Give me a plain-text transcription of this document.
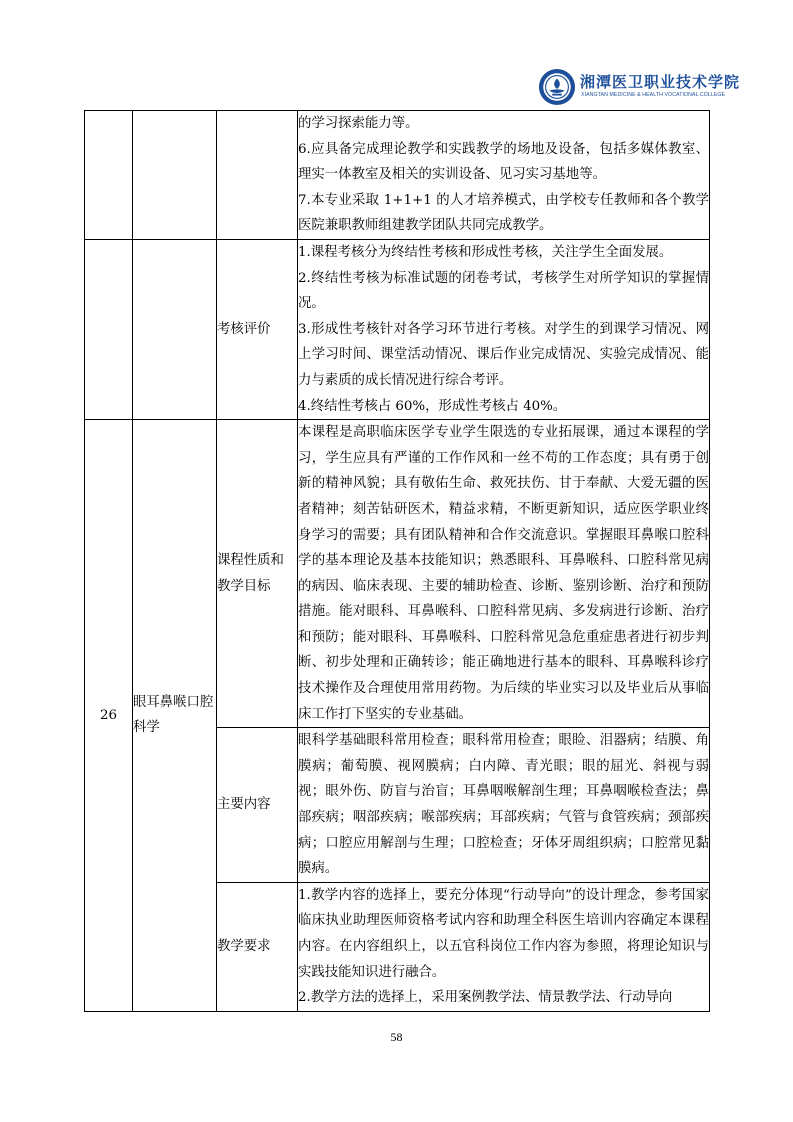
湘潭医卫职业技术学院
XIANGTAN MEDICINE & HEALTH VOCATIONAL COLLEGE

			的学习探索能力等。

6.应具备完成理论教学和实践教学的场地及设备，包括多媒体教室、理实一体教室及相关的实训设备、见习实习基地等。

7.本专业采取 1+1+1 的人才培养模式，由学校专任教师和各个教学医院兼职教师组建教学团队共同完成教学。

		考核评价	1.课程考核分为终结性考核和形成性考核，关注学生全面发展。

2.终结性考核为标准试题的闭卷考试，考核学生对所学知识的掌握情况。

3.形成性考核针对各学习环节进行考核。对学生的到课学习情况、网上学习时间、课堂活动情况、课后作业完成情况、实验完成情况、能力与素质的成长情况进行综合考评。

4.终结性考核占 60%，形成性考核占 40%。

26	眼耳鼻喉口腔科学	课程性质和教学目标	本课程是高职临床医学专业学生限选的专业拓展课，通过本课程的学习，学生应具有严谨的工作作风和一丝不苟的工作态度；具有勇于创新的精神风貌；具有敬佑生命、救死扶伤、甘于奉献、大爱无疆的医者精神；刻苦钻研医术，精益求精，不断更新知识，适应医学职业终身学习的需要；具有团队精神和合作交流意识。掌握眼耳鼻喉口腔科学的基本理论及基本技能知识；熟悉眼科、耳鼻喉科、口腔科常见病的病因、临床表现、主要的辅助检查、诊断、鉴别诊断、治疗和预防措施。能对眼科、耳鼻喉科、口腔科常见病、多发病进行诊断、治疗和预防；能对眼科、耳鼻喉科、口腔科常见急危重症患者进行初步判断、初步处理和正确转诊；能正确地进行基本的眼科、耳鼻喉科诊疗技术操作及合理使用常用药物。为后续的毕业实习以及毕业后从事临床工作打下坚实的专业基础。

		主要内容	眼科学基础眼科常用检查；眼科常用检查；眼睑、泪器病；结膜、角膜病；葡萄膜、视网膜病；白内障、青光眼；眼的屈光、斜视与弱视；眼外伤、防盲与治盲；耳鼻咽喉解剖生理；耳鼻咽喉检查法；鼻部疾病；咽部疾病；喉部疾病；耳部疾病；气管与食管疾病；颈部疾病；口腔应用解剖与生理；口腔检查；牙体牙周组织病；口腔常见黏膜病。

		教学要求	1.教学内容的选择上，要充分体现“行动导向”的设计理念，参考国家临床执业助理医师资格考试内容和助理全科医生培训内容确定本课程内容。在内容组织上，以五官科岗位工作内容为参照，将理论知识与实践技能知识进行融合。

2.教学方法的选择上，采用案例教学法、情景教学法、行动导向

58
